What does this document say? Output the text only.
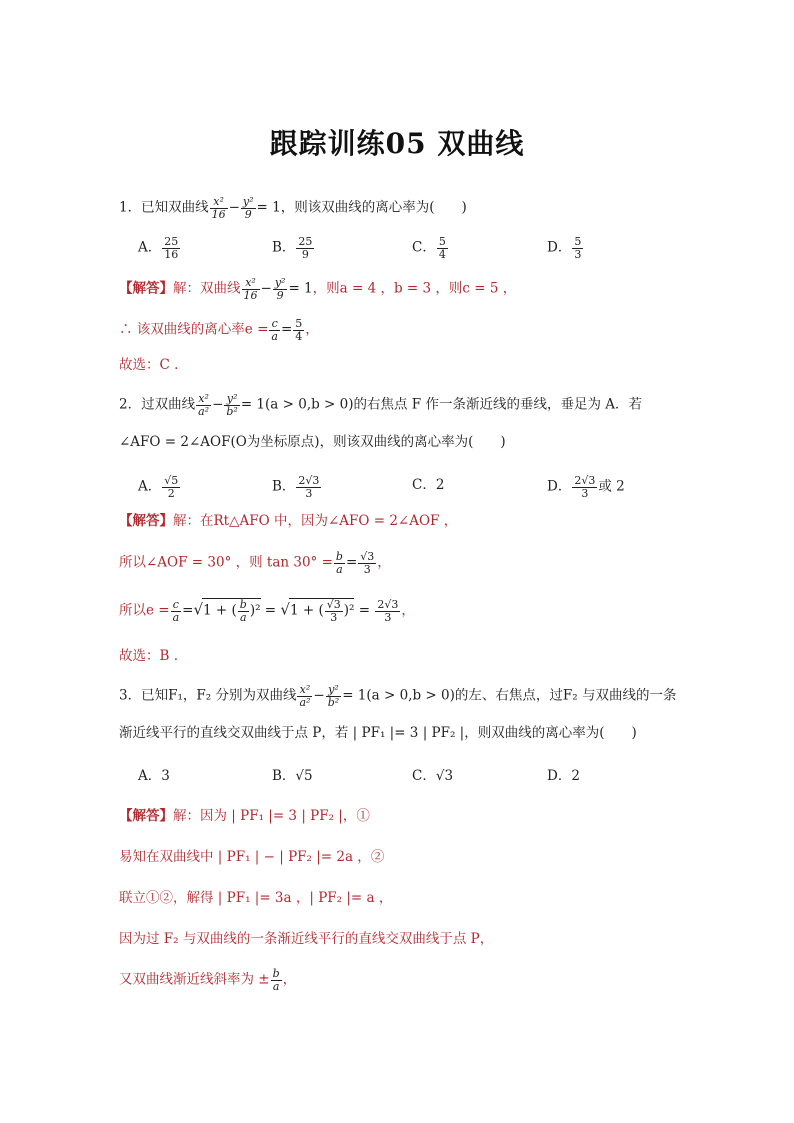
跟踪训练05 双曲线
1．已知双曲线 $\frac{\text{x²}}{16} - \frac{\text{y²}}{9} = 1$，则该双曲线的离心率为(　　)
A． $\frac{25}{16}$	B． $\frac{25}{9}$	C． $\frac{5}{4}$	D． $\frac{5}{3}$
【解答】解：双曲线 $\frac{\text{x²}}{16} - \frac{\text{y²}}{9} = 1$，则a = 4 ，b = 3 ，则c = 5 ，
∴ 该双曲线的离心率$e = \frac{c}{a} = \frac{5}{4}$ ，
故选：C .
2．过双曲线 $\frac{\text{x²}}{\text{a²}} - \frac{\text{y²}}{\text{b²}} = 1(a > 0,b > 0)$的右焦点 F 作一条渐近线的垂线，垂足为 A．若
∠AFO = 2∠AOF(O为坐标原点)，则该双曲线的离心率为(　　)
A． $\frac{√5}{2}$	B． $\frac{2√3}{3}$	C．2	D． $\frac{2√3}{3}$ 或 2
【解答】解：在Rt△AFO 中，因为∠AFO = 2∠AOF ，
所以∠AOF = 30° ，则 $\tan 30^\circ = \frac{b}{a} = \frac{√3}{3}$ ，
所以$e = \frac{c}{a} =√1$ + ( $\frac{b}{a} )^2 = √1$ + ( $\frac{√3}{3} )^2 = \frac{2√3}{3}$ ，
故选：B .
3．已知F₁，F₂ 分别为双曲线 $\frac{\text{x²}}{\text{a²}} - \frac{\text{y²}}{\text{b²}} = 1(a > 0,b > 0)$的左、右焦点，过F₂ 与双曲线的一条
渐近线平行的直线交双曲线于点 P，若 | PF₁ |= 3 | PF₂ |，则双曲线的离心率为(　　)
A．3	B．√5	C．√3	D．2
【解答】解：因为 | PF₁ |= 3 | PF₂ |，①
易知在双曲线中 | PF₁ | − | PF₂ |= 2a ，②
联立①②，解得 | PF₁ |= 3a ，| PF₂ |= a ，
因为过 F₂ 与双曲线的一条渐近线平行的直线交双曲线于点 P，
又双曲线渐近线斜率为 ± $\frac{b}{a}$ ，
